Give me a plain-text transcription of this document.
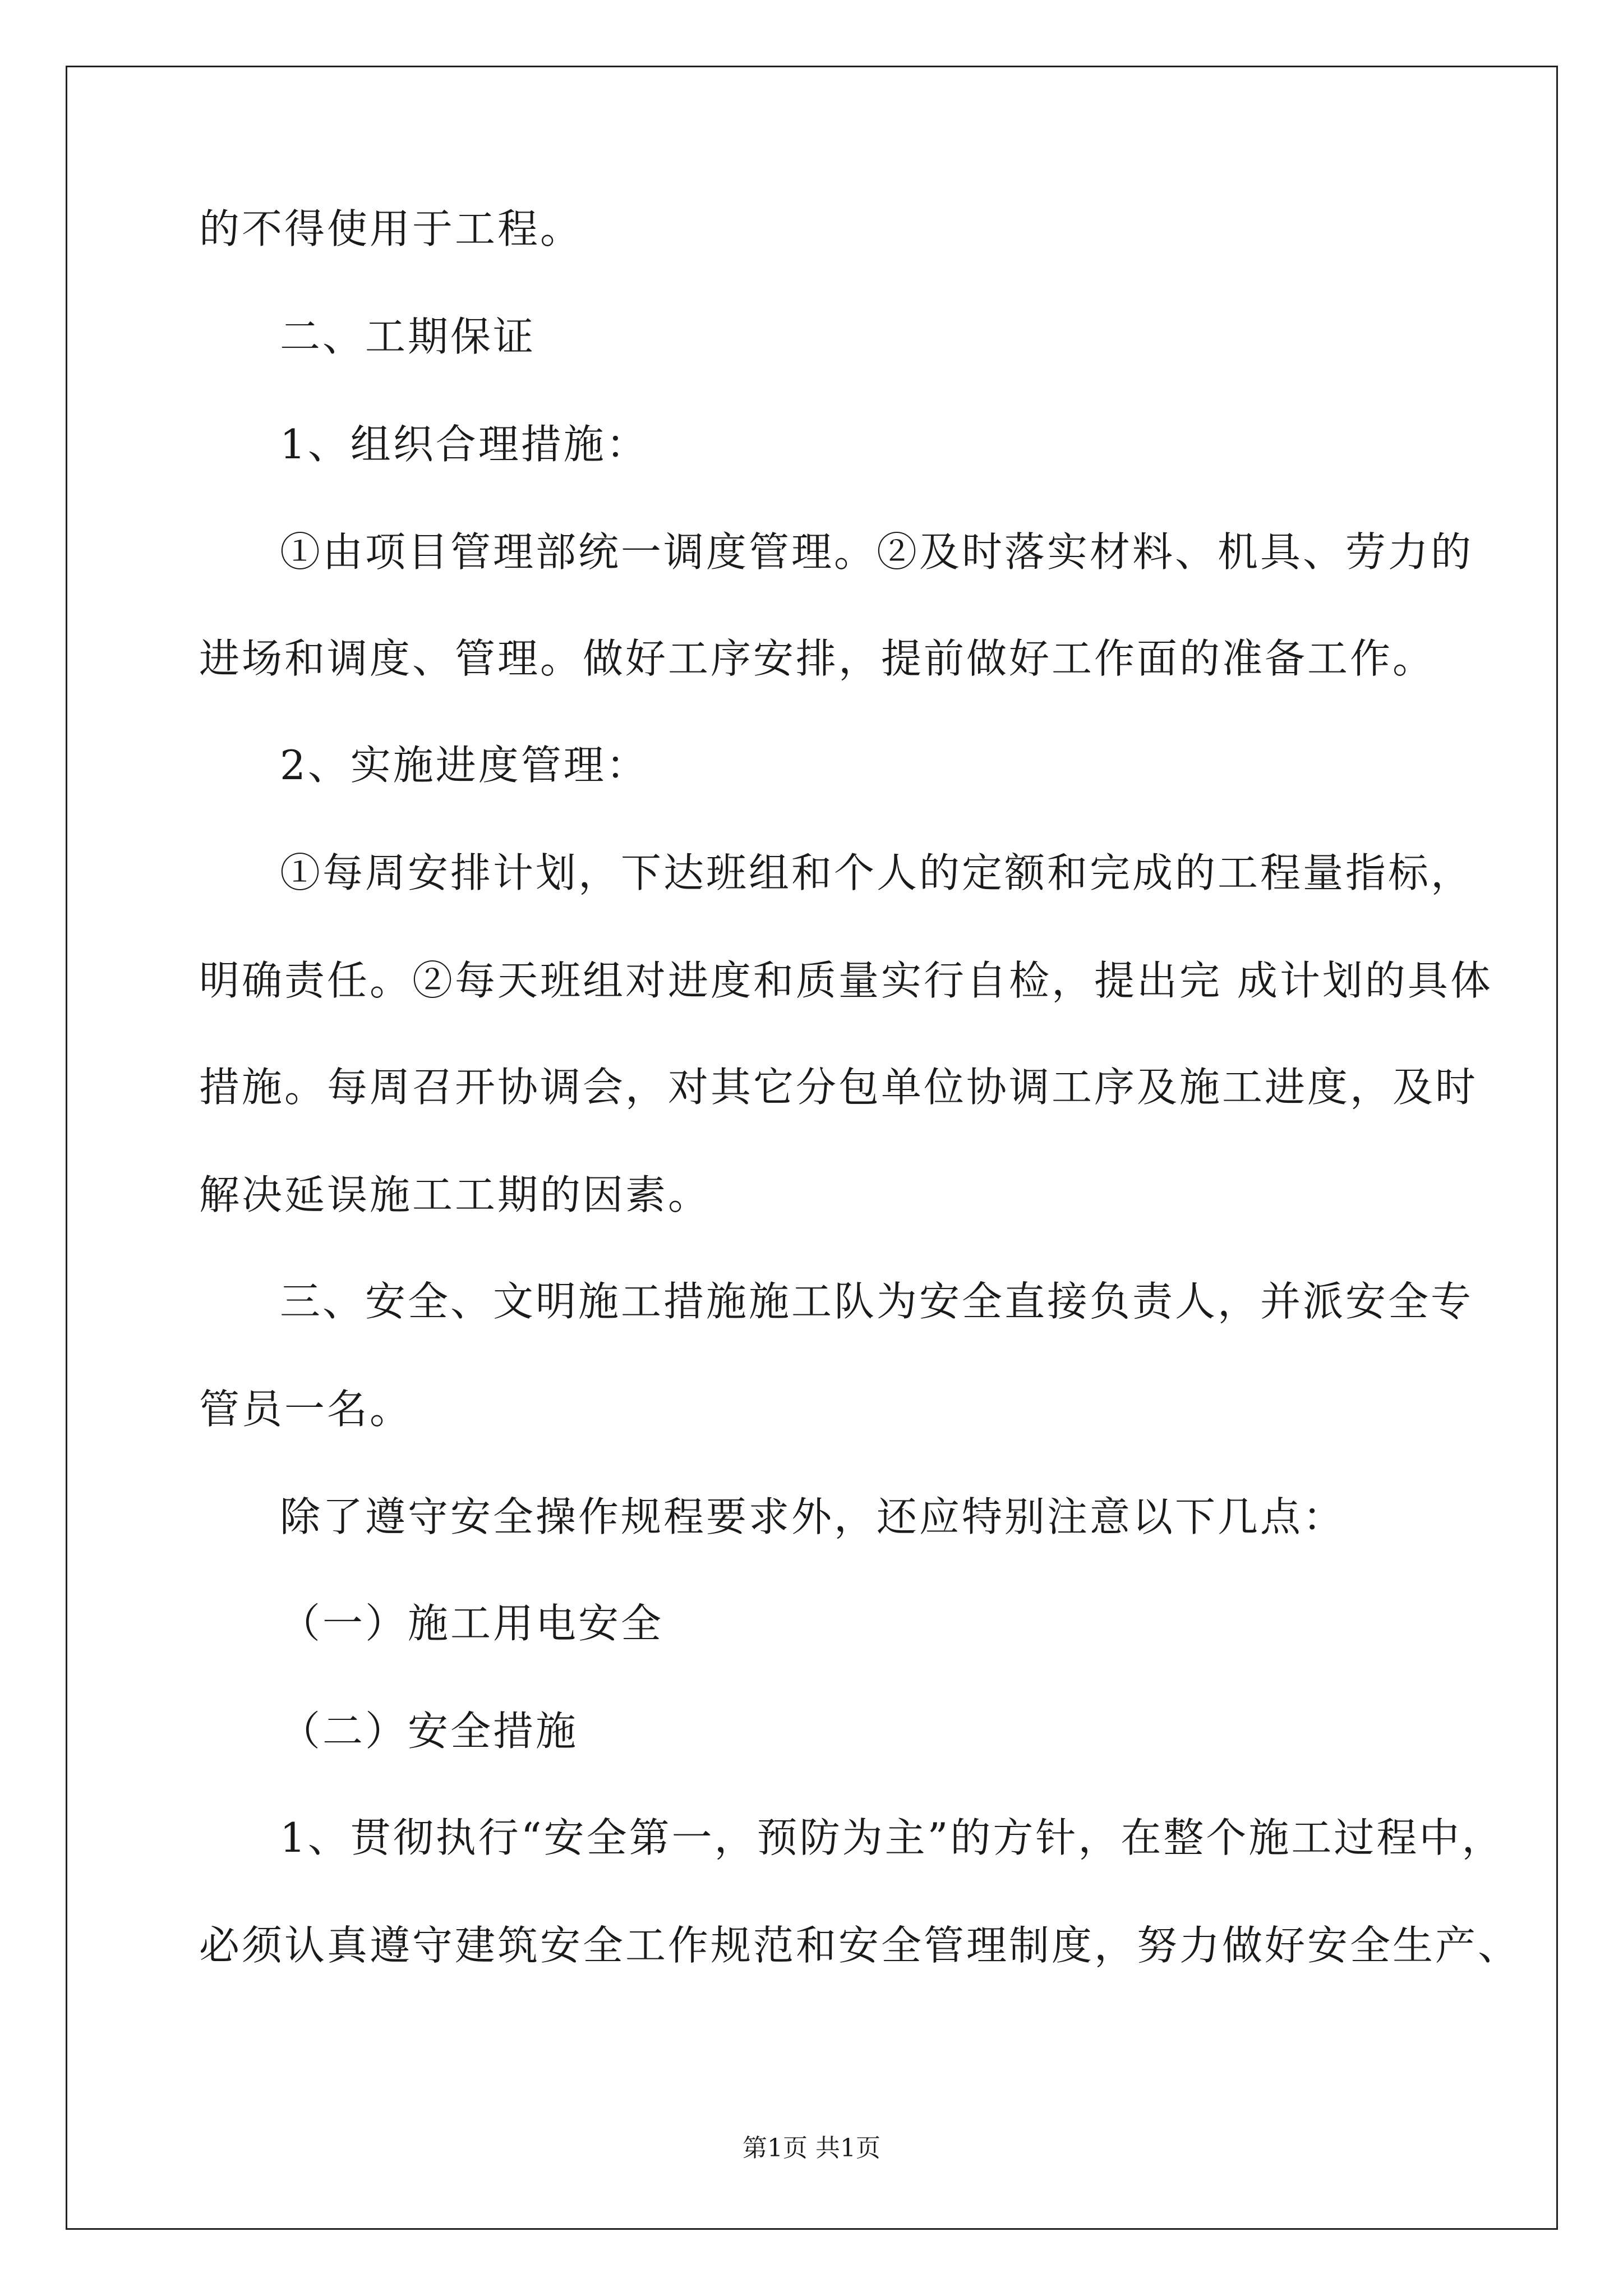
的不得使用于工程。
二、工期保证
1、组织合理措施：
①由项目管理部统一调度管理。②及时落实材料、机具、劳力的
进场和调度、管理。做好工序安排，提前做好工作面的准备工作。
2、实施进度管理：
①每周安排计划，下达班组和个人的定额和完成的工程量指标，
明确责任。②每天班组对进度和质量实行自检，提出完 成计划的具体
措施。每周召开协调会，对其它分包单位协调工序及施工进度，及时
解决延误施工工期的因素。
三、安全、文明施工措施施工队为安全直接负责人，并派安全专
管员一名。
除了遵守安全操作规程要求外，还应特别注意以下几点：
（一）施工用电安全
（二）安全措施
1、贯彻执行“安全第一，预防为主”的方针，在整个施工过程中，
必须认真遵守建筑安全工作规范和安全管理制度，努力做好安全生产、
第1页 共1页
